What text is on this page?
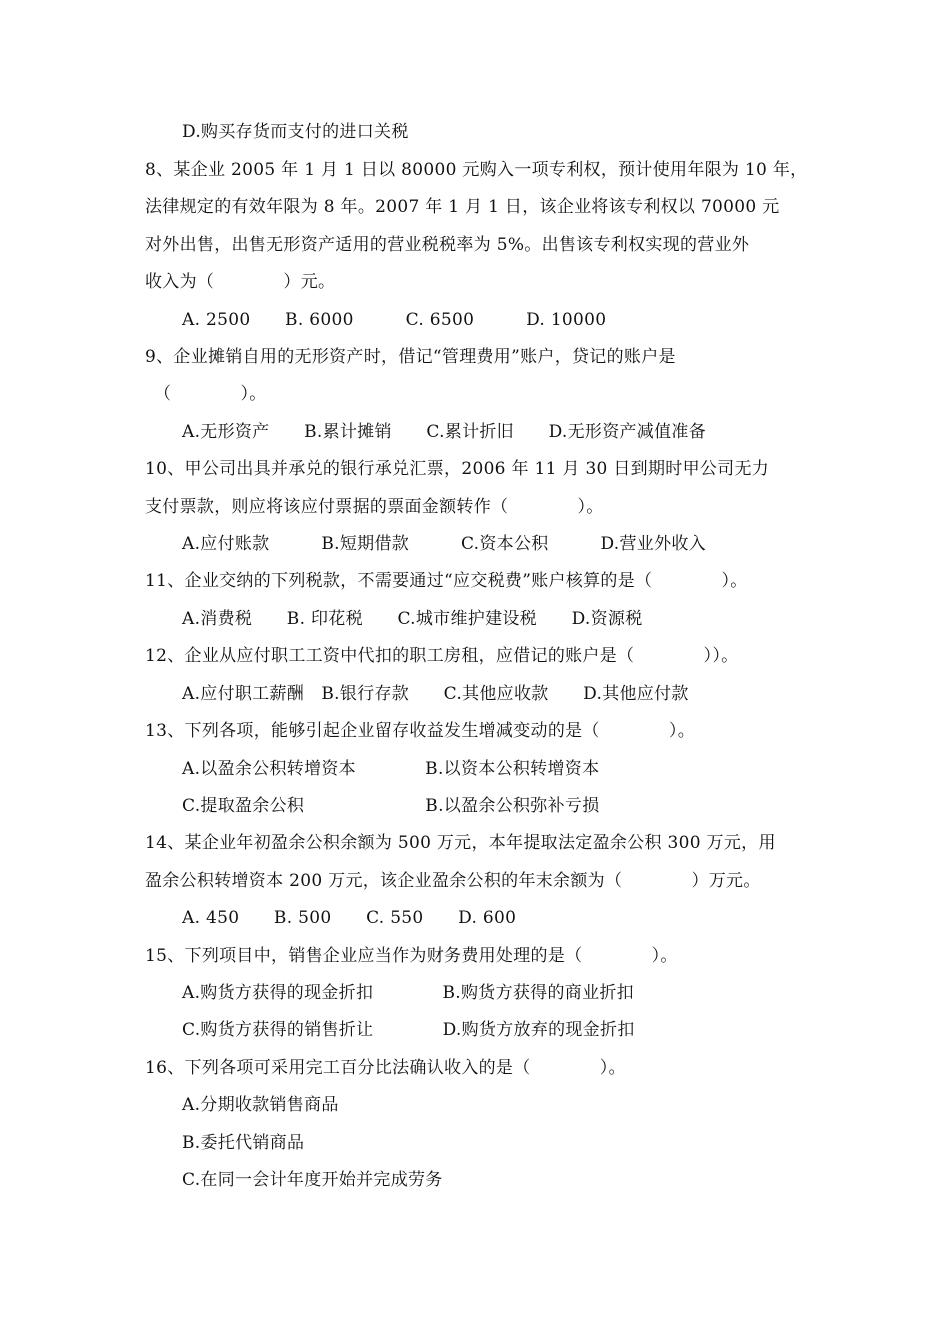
D.购买存货而支付的进口关税
8、某企业 2005 年 1 月 1 日以 80000 元购入一项专利权，预计使用年限为 10 年，
法律规定的有效年限为 8 年。2007 年 1 月 1 日，该企业将该专利权以 70000 元
对外出售，出售无形资产适用的营业税税率为 5%。出售该专利权实现的营业外
收入为（　　　　）元。
A. 2500　　B. 6000　　　C. 6500　　　D. 10000
9、企业摊销自用的无形资产时，借记“管理费用”账户，贷记的账户是
（　　　　）。
A.无形资产　　B.累计摊销　　C.累计折旧　　D.无形资产减值准备
10、甲公司出具并承兑的银行承兑汇票，2006 年 11 月 30 日到期时甲公司无力
支付票款，则应将该应付票据的票面金额转作（　　　　）。
A.应付账款　　　B.短期借款　　　C.资本公积　　　D.营业外收入
11、企业交纳的下列税款，不需要通过“应交税费”账户核算的是（　　　　）。
A.消费税　　B. 印花税　　C.城市维护建设税　　D.资源税
12、企业从应付职工工资中代扣的职工房租，应借记的账户是（　　　　））。
A.应付职工薪酬　B.银行存款　　C.其他应收款　　D.其他应付款
13、下列各项，能够引起企业留存收益发生增减变动的是（　　　　）。
A.以盈余公积转增资本　　　　B.以资本公积转增资本
C.提取盈余公积　　　　　　　B.以盈余公积弥补亏损
14、某企业年初盈余公积余额为 500 万元，本年提取法定盈余公积 300 万元，用
盈余公积转增资本 200 万元，该企业盈余公积的年末余额为（　　　　）万元。
A. 450　　B. 500　　C. 550　　D. 600
15、下列项目中，销售企业应当作为财务费用处理的是（　　　　）。
A.购货方获得的现金折扣　　　　B.购货方获得的商业折扣
C.购货方获得的销售折让　　　　D.购货方放弃的现金折扣
16、下列各项可采用完工百分比法确认收入的是（　　　　）。
A.分期收款销售商品
B.委托代销商品
C.在同一会计年度开始并完成劳务
